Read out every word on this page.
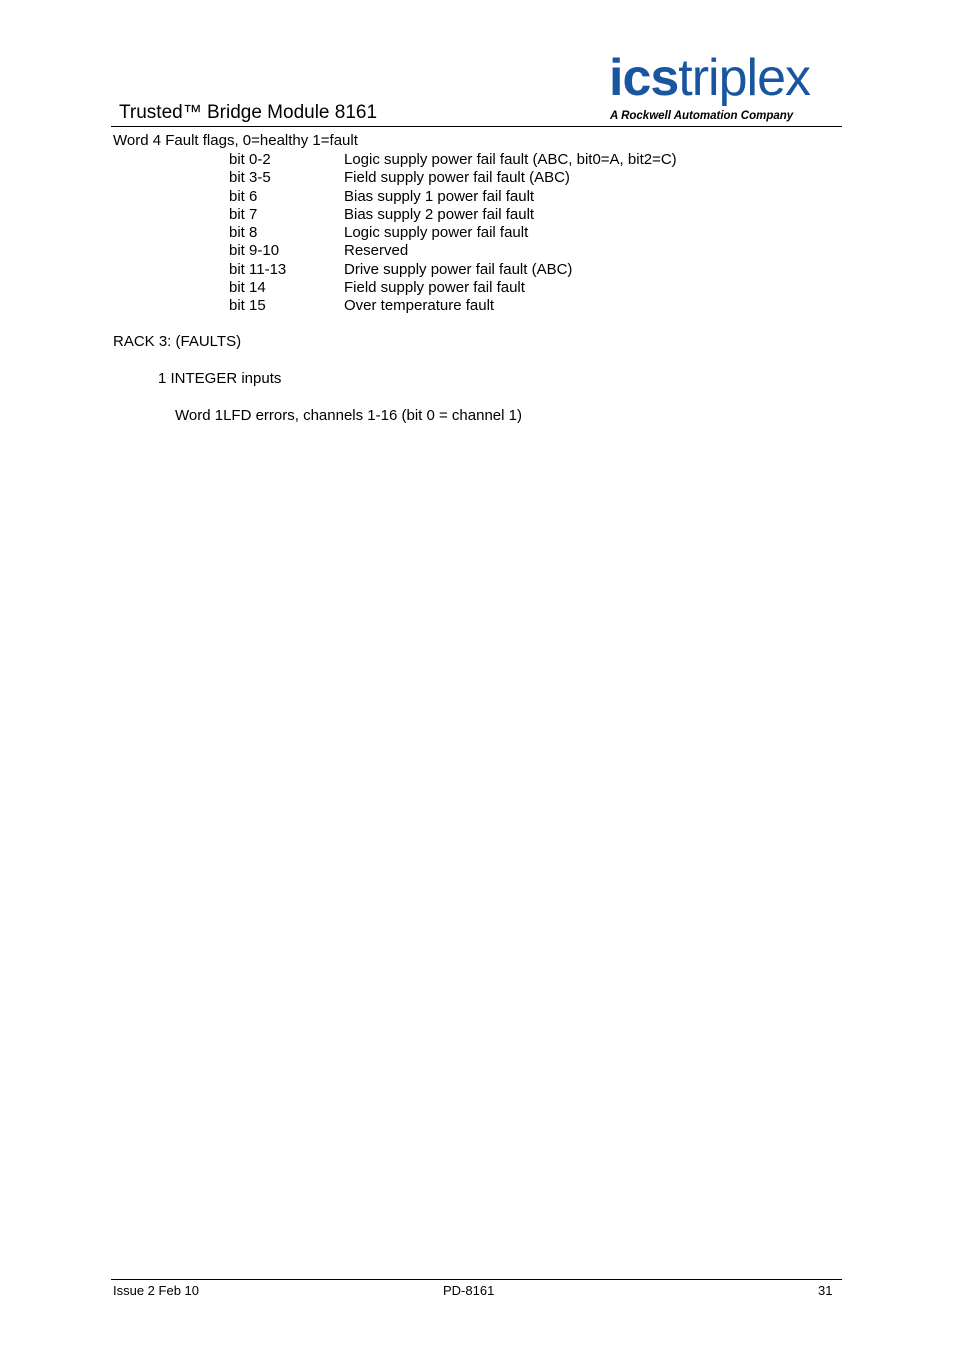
Trusted™ Bridge Module 8161
icstriplex
A Rockwell Automation Company
Word 4 Fault flags, 0=healthy 1=fault
bit 0-2	Logic supply power fail fault (ABC, bit0=A, bit2=C)
bit 3-5	Field supply power fail fault (ABC)
bit 6	Bias supply 1 power fail fault
bit 7	Bias supply 2 power fail fault
bit 8	Logic supply power fail fault
bit 9-10	Reserved
bit 11-13	Drive supply power fail fault (ABC)
bit 14	Field supply power fail fault
bit 15	Over temperature fault
RACK 3: (FAULTS)
1 INTEGER inputs
Word 1LFD errors, channels 1-16 (bit 0 = channel 1)
Issue 2 Feb 10	PD-8161	31
